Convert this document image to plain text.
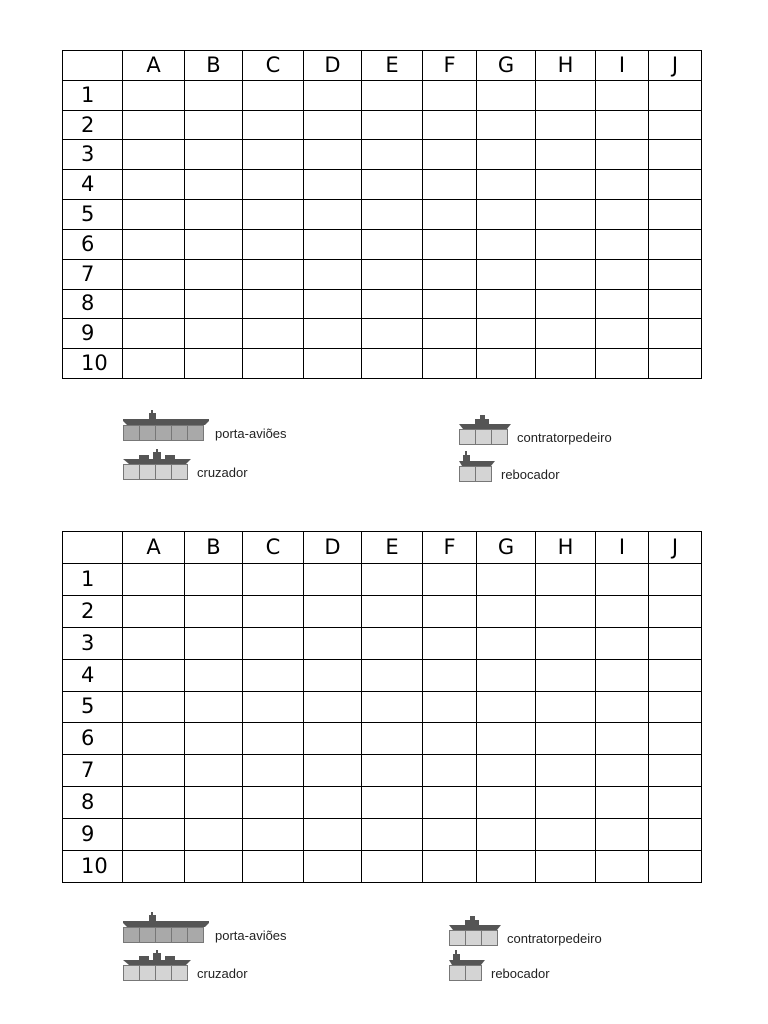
	A	B	C	D	E	F	G	H	I	J
1										
2										
3										
4										
5										
6										
7										
8										
9										
10										
porta-aviões
cruzador
contratorpedeiro
rebocador
	A	B	C	D	E	F	G	H	I	J
1										
2										
3										
4										
5										
6										
7										
8										
9										
10										
porta-aviões
cruzador
contratorpedeiro
rebocador
